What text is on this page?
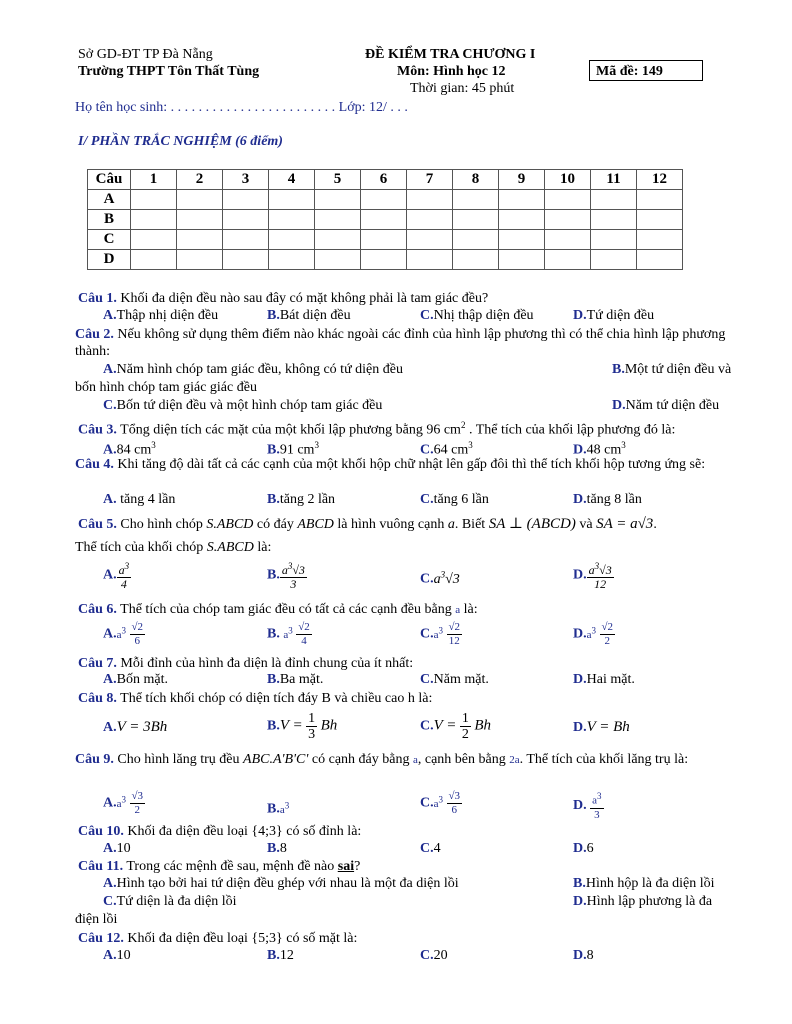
Sở GD-ĐT TP Đà Nẵng
Trường THPT Tôn Thất Tùng
ĐỀ KIỂM TRA CHƯƠNG I
Môn: Hình học 12
Thời gian: 45 phút
Mã đề: 149
Họ tên học sinh: . . . . . . . . . . . . . . . . . . . . . . . . Lớp: 12/ . . .
I/ PHẦN TRẮC NGHIỆM (6 điểm)
Câu	1	2	3	4	5	6	7	8	9	10	11	12
A												
B												
C												
D												
Câu 1. Khối đa diện đều nào sau đây có mặt không phải là tam giác đều?
A.Thập nhị diện đều	B.Bát diện đều	C.Nhị thập diện đều	D.Tứ diện đều
Câu 2. Nếu không sử dụng thêm điểm nào khác ngoài các đỉnh của hình lập phương thì có thể chia hình lập phương thành:
A.Năm hình chóp tam giác đều, không có tứ diện đều	B.Một tứ diện đều và
bốn hình chóp tam giác giác đều
C.Bốn tứ diện đều và một hình chóp tam giác đều	D.Năm tứ diện đều
Câu 3. Tổng diện tích các mặt của một khối lập phương bằng 96 $cm^2$ . Thể tích của khối lập phương đó là:
A.84 $cm^3$	B.91 $cm^3$	C.64 $cm^3$	D.48 $cm^3$
Câu 4. Khi tăng độ dài tất cả các cạnh của một khối hộp chữ nhật lên gấp đôi thì thể tích khối hộp tương ứng sẽ:
A. tăng 4 lần	B.tăng 2 lần	C.tăng 6 lần	D.tăng 8 lần
Câu 5. Cho hình chóp S.ABCD có đáy ABCD là hình vuông cạnh a. Biết SA ⊥ (ABCD) và SA = a√3.
Thể tích của khối chóp S.ABCD là:
A. $\frac{a^3}{4}$	B. $\frac{a^3√3}{3}$	$C.a^3√3$	D. $\frac{a^3√3}{12}$
Câu 6. Thể tích của chóp tam giác đều có tất cả các cạnh đều bằng a là:
$A.a^3 \frac{√2}{6}$	B. $a^3 \frac{√2}{4}$	$C.a^3 \frac{√2}{12}$	$D.a^3 \frac{√2}{2}$
Câu 7. Mỗi đỉnh của hình đa diện là đỉnh chung của ít nhất:
A.Bốn mặt.	B.Ba mặt.	C.Năm mặt.	D.Hai mặt.
Câu 8. Thể tích khối chóp có diện tích đáy B và chiều cao h là:
A.V = 3Bh	$B.V = \frac{1}{3}$ Bh	$C.V = \frac{1}{2}$ Bh	D.V = Bh
Câu 9. Cho hình lăng trụ đều ABC.A'B'C' có cạnh đáy bằng a, cạnh bên bằng 2a. Thể tích của khối lăng trụ là:
$A.a^3 \frac{√3}{2}$	$B.a^3$	$C.a^3 \frac{√3}{6}$	D. $\frac{a^3}{3}$
Câu 10. Khối đa diện đều loại {4;3} có số đỉnh là:
A.10	B.8	C.4	D.6
Câu 11. Trong các mệnh đề sau, mệnh đề nào sai?
A.Hình tạo bởi hai tứ diện đều ghép với nhau là một đa diện lồi	B.Hình hộp là đa diện lồi
C.Tứ diện là đa diện lồi	D.Hình lập phương là đa
điện lồi
Câu 12. Khối đa diện đều loại {5;3} có số mặt là:
A.10	B.12	C.20	D.8
